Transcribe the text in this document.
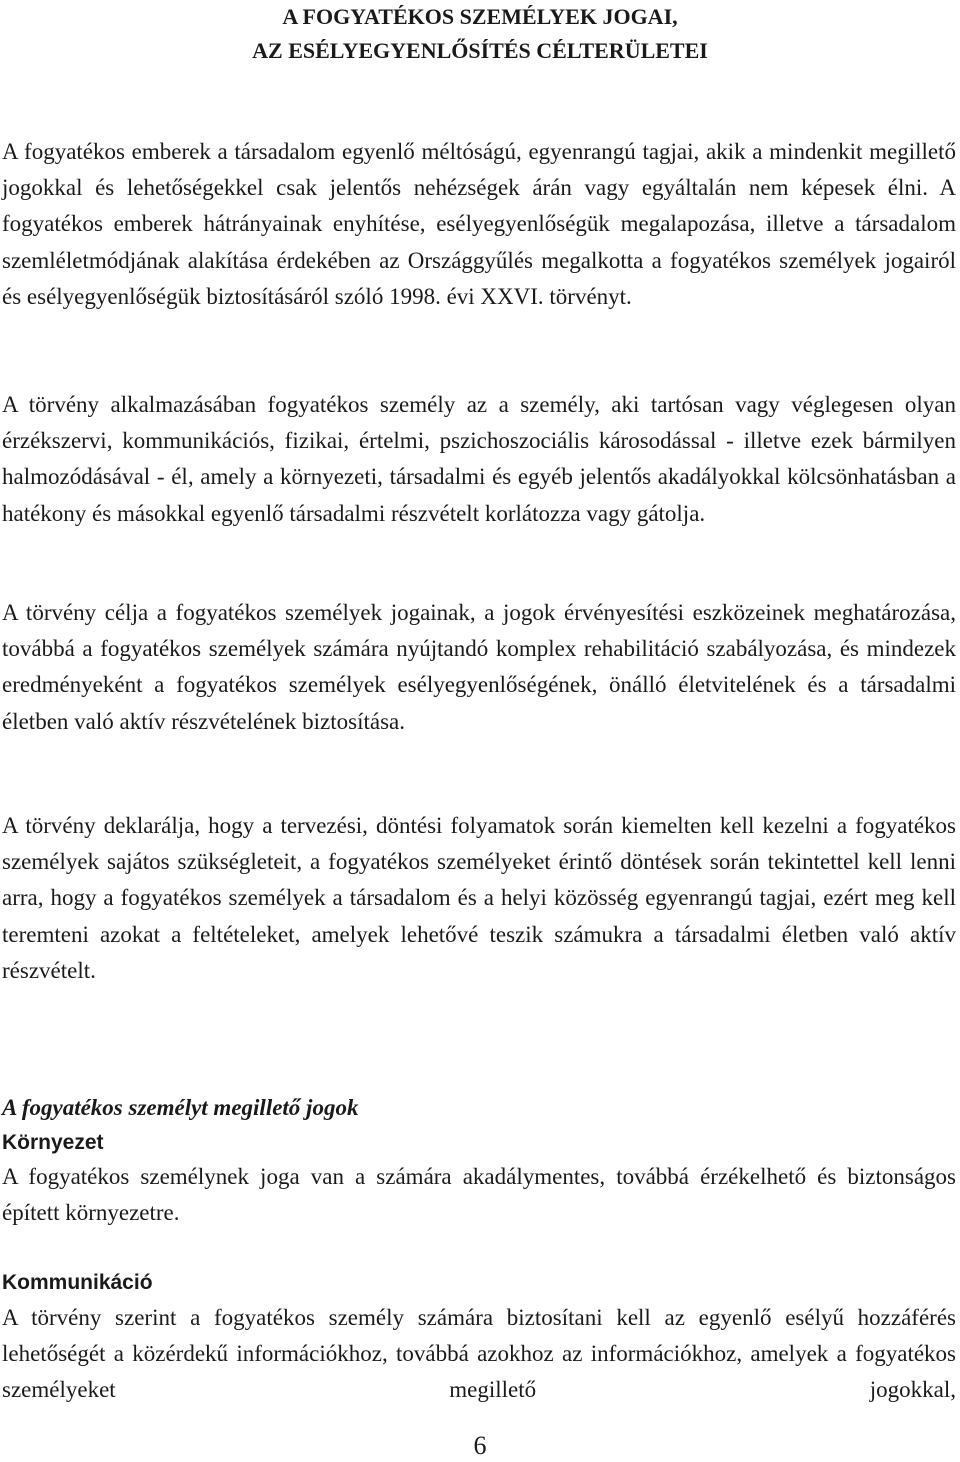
A FOGYATÉKOS SZEMÉLYEK JOGAI,
AZ ESÉLYEGYENLŐSÍTÉS CÉLTERÜLETEI

A fogyatékos emberek a társadalom egyenlő méltóságú, egyenrangú tagjai, akik a mindenkit megillető jogokkal és lehetőségekkel csak jelentős nehézségek árán vagy egyáltalán nem képesek élni. A fogyatékos emberek hátrányainak enyhítése, esélyegyenlőségük megalapozása, illetve a társadalom szemléletmódjának alakítása érdekében az Országgyűlés megalkotta a fogyatékos személyek jogairól és esélyegyenlőségük biztosításáról szóló 1998. évi XXVI. törvényt.

A törvény alkalmazásában fogyatékos személy az a személy, aki tartósan vagy véglegesen olyan érzékszervi, kommunikációs, fizikai, értelmi, pszichoszociális károsodással - illetve ezek bármilyen halmozódásával - él, amely a környezeti, társadalmi és egyéb jelentős akadályokkal kölcsönhatásban a hatékony és másokkal egyenlő társadalmi részvételt korlátozza vagy gátolja.

A törvény célja a fogyatékos személyek jogainak, a jogok érvényesítési eszközeinek meghatározása, továbbá a fogyatékos személyek számára nyújtandó komplex rehabilitáció szabályozása, és mindezek eredményeként a fogyatékos személyek esélyegyenlőségének, önálló életvitelének és a társadalmi életben való aktív részvételének biztosítása.

A törvény deklarálja, hogy a tervezési, döntési folyamatok során kiemelten kell kezelni a fogyatékos személyek sajátos szükségleteit, a fogyatékos személyeket érintő döntések során tekintettel kell lenni arra, hogy a fogyatékos személyek a társadalom és a helyi közösség egyenrangú tagjai, ezért meg kell teremteni azokat a feltételeket, amelyek lehetővé teszik számukra a társadalmi életben való aktív részvételt.

A fogyatékos személyt megillető jogok
Környezet

A fogyatékos személynek joga van a számára akadálymentes, továbbá érzékelhető és biztonságos épített környezetre.

Kommunikáció

A törvény szerint a fogyatékos személy számára biztosítani kell az egyenlő esélyű hozzáférés lehetőségét a közérdekű információkhoz, továbbá azokhoz az információkhoz, amelyek a fogyatékos személyeket megillető jogokkal,

6
